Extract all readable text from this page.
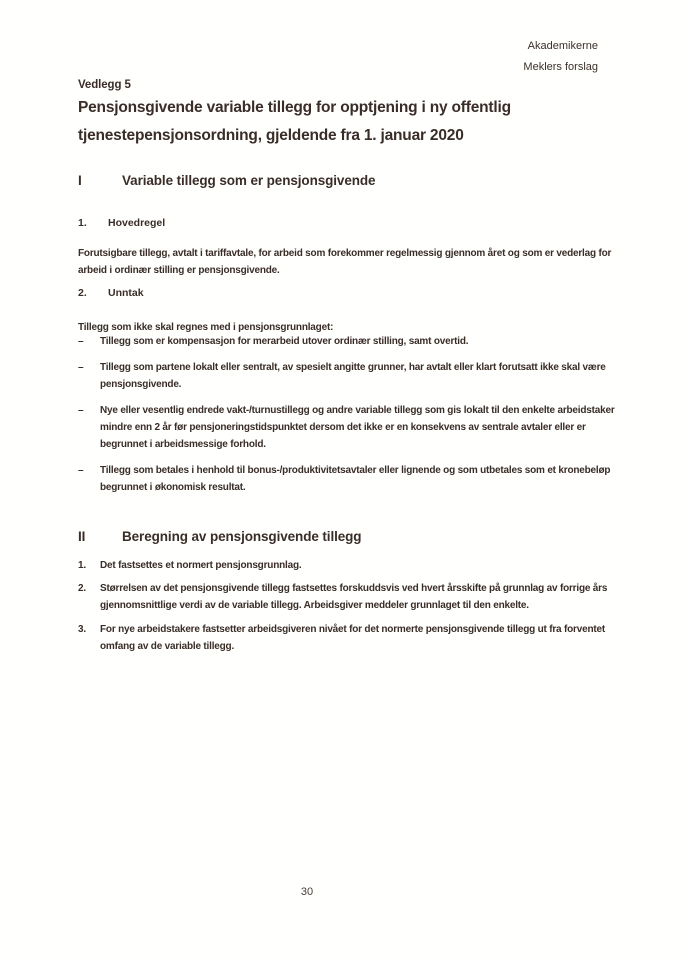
Akademikerne
Meklers forslag
Vedlegg 5
Pensjonsgivende variable tillegg for opptjening i ny offentlig tjenestepensjonsordning, gjeldende fra 1. januar 2020
I	Variable tillegg som er pensjonsgivende
1. Hovedregel

Forutsigbare tillegg, avtalt i tariffavtale, for arbeid som forekommer regelmessig gjennom året og som er vederlag for arbeid i ordinær stilling er pensjonsgivende.

2. Unntak

Tillegg som ikke skal regnes med i pensjonsgrunnlaget:

–	Tillegg som er kompensasjon for merarbeid utover ordinær stilling, samt overtid.
–	Tillegg som partene lokalt eller sentralt, av spesielt angitte grunner, har avtalt eller klart forutsatt ikke skal være pensjonsgivende.
–	Nye eller vesentlig endrede vakt-/turnustillegg og andre variable tillegg som gis lokalt til den enkelte arbeidstaker mindre enn 2 år før pensjoneringstidspunktet dersom det ikke er en konsekvens av sentrale avtaler eller er begrunnet i arbeidsmessige forhold.
–	Tillegg som betales i henhold til bonus-/produktivitetsavtaler eller lignende og som utbetales som et kronebeløp begrunnet i økonomisk resultat.
II	Beregning av pensjonsgivende tillegg
1.	Det fastsettes et normert pensjonsgrunnlag.
2.	Størrelsen av det pensjonsgivende tillegg fastsettes forskuddsvis ved hvert årsskifte på grunnlag av forrige års gjennomsnittlige verdi av de variable tillegg. Arbeidsgiver meddeler grunnlaget til den enkelte.
3.	For nye arbeidstakere fastsetter arbeidsgiveren nivået for det normerte pensjonsgivende tillegg ut fra forventet omfang av de variable tillegg.
30
